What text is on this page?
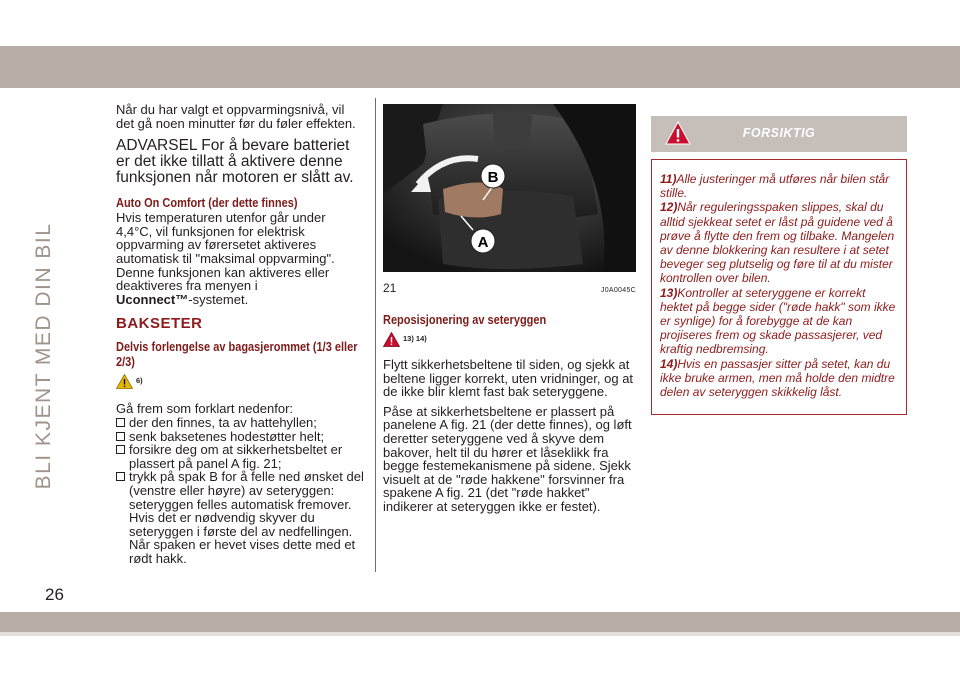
BLI KJENT MED DIN BIL

Når du har valgt et oppvarmingsnivå, vil det gå noen minutter før du føler effekten.

ADVARSEL For å bevare batteriet er det ikke tillatt å aktivere denne funksjonen når motoren er slått av.

Auto On Comfort (der dette finnes)

Hvis temperaturen utenfor går under 4,4°C, vil funksjonen for elektrisk oppvarming av førersetet aktiveres automatisk til "maksimal oppvarming". Denne funksjonen kan aktiveres eller deaktiveres fra menyen i
Uconnect™-systemet.

BAKSETER
Delvis forlengelse av bagasjerommet (1/3 eller 2/3)
6)

Gå frem som forklart nedenfor:

der den finnes, ta av hattehyllen;

senk baksetenes hodestøtter helt;

forsikre deg om at sikkerhetsbeltet er plassert på panel A fig. 21;

trykk på spak B for å felle ned ønsket del (venstre eller høyre) av seteryggen: seteryggen felles automatisk fremover. Hvis det er nødvendig skyver du seteryggen i første del av nedfellingen. Når spaken er hevet vises dette med et rødt hakk.

B
A
21	J0A0045C
Reposisjonering av seteryggen
13) 14)

Flytt sikkerhetsbeltene til siden, og sjekk at beltene ligger korrekt, uten vridninger, og at de ikke blir klemt fast bak seteryggene.

Påse at sikkerhetsbeltene er plassert på panelene A fig. 21 (der dette finnes), og løft deretter seteryggene ved å skyve dem bakover, helt til du hører et låseklikk fra begge festemekanismene på sidene. Sjekk visuelt at de "røde hakkene" forsvinner fra spakene A fig. 21 (det "røde hakket" indikerer at seteryggen ikke er festet).

FORSIKTIG

11)Alle justeringer må utføres når bilen står stille.

12)Når reguleringsspaken slippes, skal du alltid sjekkeat setet er låst på guidene ved å prøve å flytte den frem og tilbake. Mangelen av denne blokkering kan resultere i at setet beveger seg plutselig og føre til at du mister kontrollen over bilen.

13)Kontroller at seteryggene er korrekt hektet på begge sider ("røde hakk" som ikke er synlige) for å forebygge at de kan projiseres frem og skade passasjerer, ved kraftig nedbremsing.

14)Hvis en passasjer sitter på setet, kan du ikke bruke armen, men må holde den midtre delen av seteryggen skikkelig låst.

26
